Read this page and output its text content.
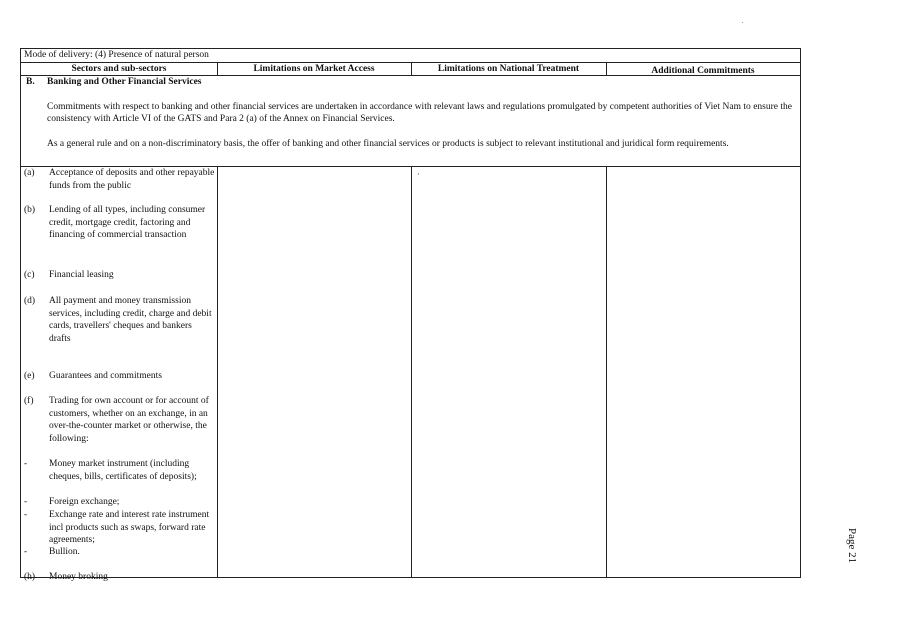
Mode of delivery: (4) Presence of natural person
Sectors and sub-sectors	Limitations on Market Access	Limitations on National Treatment	Additional Commitments
B. Banking and Other Financial Services
Commitments with respect to banking and other financial services are undertaken in accordance with relevant laws and regulations promulgated by competent authorities of Viet Nam to ensure the consistency with Article VI of the GATS and Para 2 (a) of the Annex on Financial Services.
As a general rule and on a non-discriminatory basis, the offer of banking and other financial services or products is subject to relevant institutional and juridical form requirements.
·
(a) Acceptance of deposits and other repayable funds from the public
(b) Lending of all types, including consumer credit, mortgage credit, factoring and financing of commercial transaction
(c) Financial leasing
(d) All payment and money transmission services, including credit, charge and debit cards, travellers' cheques and bankers drafts
(e) Guarantees and commitments
(f) Trading for own account or for account of customers, whether on an exchange, in an over-the-counter market or otherwise, the following:
- Money market instrument (including cheques, bills, certificates of deposits);
- Foreign exchange;
- Exchange rate and interest rate instrument incl products such as swaps, forward rate agreements;
- Bullion.
(h) Money broking
Page 21
